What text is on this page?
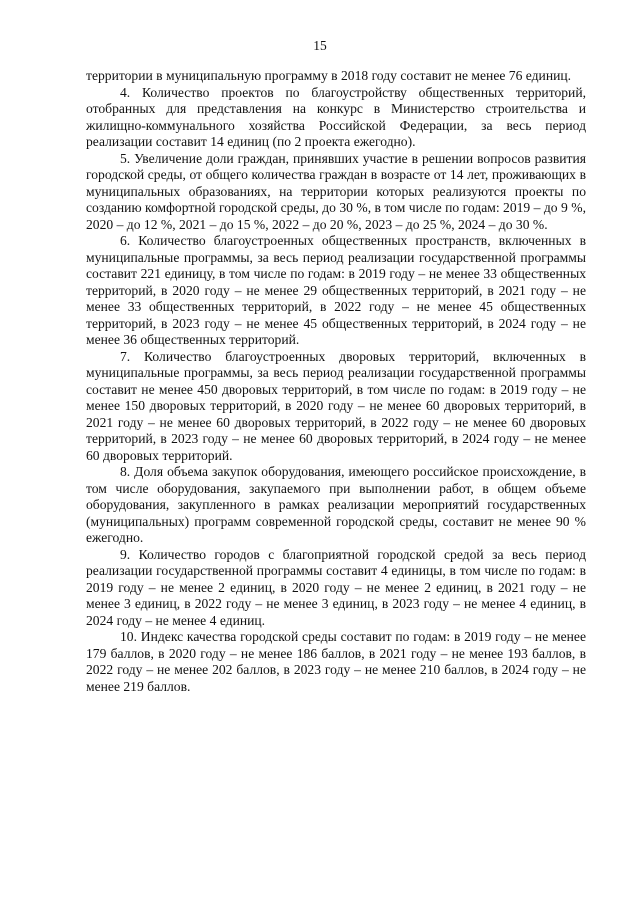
15

территории в муниципальную программу в 2018 году составит не менее 76 единиц.

4. Количество проектов по благоустройству общественных территорий, отобранных для представления на конкурс в Министерство строительства и жилищно-коммунального хозяйства Российской Федерации, за весь период реализации составит 14 единиц (по 2 проекта ежегодно).

5. Увеличение доли граждан, принявших участие в решении вопросов развития городской среды, от общего количества граждан в возрасте от 14 лет, проживающих в муниципальных образованиях, на территории которых реализуются проекты по созданию комфортной городской среды, до 30 %, в том числе по годам: 2019 – до 9 %, 2020 – до 12 %, 2021 – до 15 %, 2022 – до 20 %, 2023 – до 25 %, 2024 – до 30 %.

6. Количество благоустроенных общественных пространств, включенных в муниципальные программы, за весь период реализации государственной программы составит 221 единицу, в том числе по годам: в 2019 году – не менее 33 общественных территорий, в 2020 году – не менее 29 общественных территорий, в 2021 году – не менее 33 общественных территорий, в 2022 году – не менее 45 общественных территорий, в 2023 году – не менее 45 общественных территорий, в 2024 году – не менее 36 общественных территорий.

7. Количество благоустроенных дворовых территорий, включенных в муниципальные программы, за весь период реализации государственной программы составит не менее 450 дворовых территорий, в том числе по годам: в 2019 году – не менее 150 дворовых территорий, в 2020 году – не менее 60 дворовых территорий, в 2021 году – не менее 60 дворовых территорий, в 2022 году – не менее 60 дворовых территорий, в 2023 году – не менее 60 дворовых территорий, в 2024 году – не менее 60 дворовых территорий.

8. Доля объема закупок оборудования, имеющего российское происхождение, в том числе оборудования, закупаемого при выполнении работ, в общем объеме оборудования, закупленного в рамках реализации мероприятий государственных (муниципальных) программ современной городской среды, составит не менее 90 % ежегодно.

9. Количество городов с благоприятной городской средой за весь период реализации государственной программы составит 4 единицы, в том числе по годам: в 2019 году – не менее 2 единиц, в 2020 году – не менее 2 единиц, в 2021 году – не менее 3 единиц, в 2022 году – не менее 3 единиц, в 2023 году – не менее 4 единиц, в 2024 году – не менее 4 единиц.

10. Индекс качества городской среды составит по годам: в 2019 году – не менее 179 баллов, в 2020 году – не менее 186 баллов, в 2021 году – не менее 193 баллов, в 2022 году – не менее 202 баллов, в 2023 году – не менее 210 баллов, в 2024 году – не менее 219 баллов.
